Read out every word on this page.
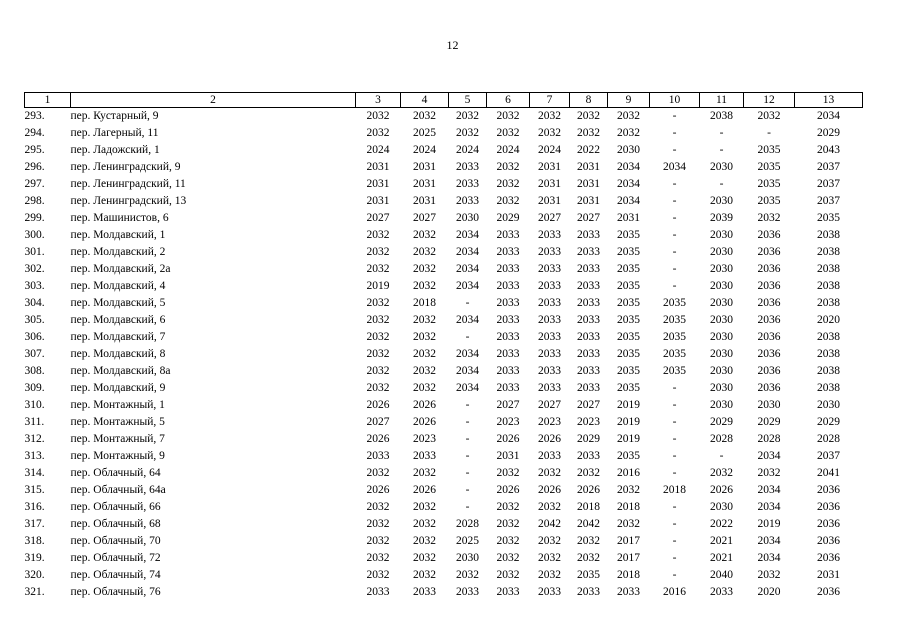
12
1	2	3	4	5	6	7	8	9	10	11	12	13
293.	пер. Кустарный, 9	2032	2032	2032	2032	2032	2032	2032	-	2038	2032	2034
294.	пер. Лагерный, 11	2032	2025	2032	2032	2032	2032	2032	-	-	-	2029
295.	пер. Ладожский, 1	2024	2024	2024	2024	2024	2022	2030	-	-	2035	2043
296.	пер. Ленинградский, 9	2031	2031	2033	2032	2031	2031	2034	2034	2030	2035	2037
297.	пер. Ленинградский, 11	2031	2031	2033	2032	2031	2031	2034	-	-	2035	2037
298.	пер. Ленинградский, 13	2031	2031	2033	2032	2031	2031	2034	-	2030	2035	2037
299.	пер. Машинистов, 6	2027	2027	2030	2029	2027	2027	2031	-	2039	2032	2035
300.	пер. Молдавский, 1	2032	2032	2034	2033	2033	2033	2035	-	2030	2036	2038
301.	пер. Молдавский, 2	2032	2032	2034	2033	2033	2033	2035	-	2030	2036	2038
302.	пер. Молдавский, 2а	2032	2032	2034	2033	2033	2033	2035	-	2030	2036	2038
303.	пер. Молдавский, 4	2019	2032	2034	2033	2033	2033	2035	-	2030	2036	2038
304.	пер. Молдавский, 5	2032	2018	-	2033	2033	2033	2035	2035	2030	2036	2038
305.	пер. Молдавский, 6	2032	2032	2034	2033	2033	2033	2035	2035	2030	2036	2020
306.	пер. Молдавский, 7	2032	2032	-	2033	2033	2033	2035	2035	2030	2036	2038
307.	пер. Молдавский, 8	2032	2032	2034	2033	2033	2033	2035	2035	2030	2036	2038
308.	пер. Молдавский, 8а	2032	2032	2034	2033	2033	2033	2035	2035	2030	2036	2038
309.	пер. Молдавский, 9	2032	2032	2034	2033	2033	2033	2035	-	2030	2036	2038
310.	пер. Монтажный, 1	2026	2026	-	2027	2027	2027	2019	-	2030	2030	2030
311.	пер. Монтажный, 5	2027	2026	-	2023	2023	2023	2019	-	2029	2029	2029
312.	пер. Монтажный, 7	2026	2023	-	2026	2026	2029	2019	-	2028	2028	2028
313.	пер. Монтажный, 9	2033	2033	-	2031	2033	2033	2035	-	-	2034	2037
314.	пер. Облачный, 64	2032	2032	-	2032	2032	2032	2016	-	2032	2032	2041
315.	пер. Облачный, 64а	2026	2026	-	2026	2026	2026	2032	2018	2026	2034	2036
316.	пер. Облачный, 66	2032	2032	-	2032	2032	2018	2018	-	2030	2034	2036
317.	пер. Облачный, 68	2032	2032	2028	2032	2042	2042	2032	-	2022	2019	2036
318.	пер. Облачный, 70	2032	2032	2025	2032	2032	2032	2017	-	2021	2034	2036
319.	пер. Облачный, 72	2032	2032	2030	2032	2032	2032	2017	-	2021	2034	2036
320.	пер. Облачный, 74	2032	2032	2032	2032	2032	2035	2018	-	2040	2032	2031
321.	пер. Облачный, 76	2033	2033	2033	2033	2033	2033	2033	2016	2033	2020	2036
